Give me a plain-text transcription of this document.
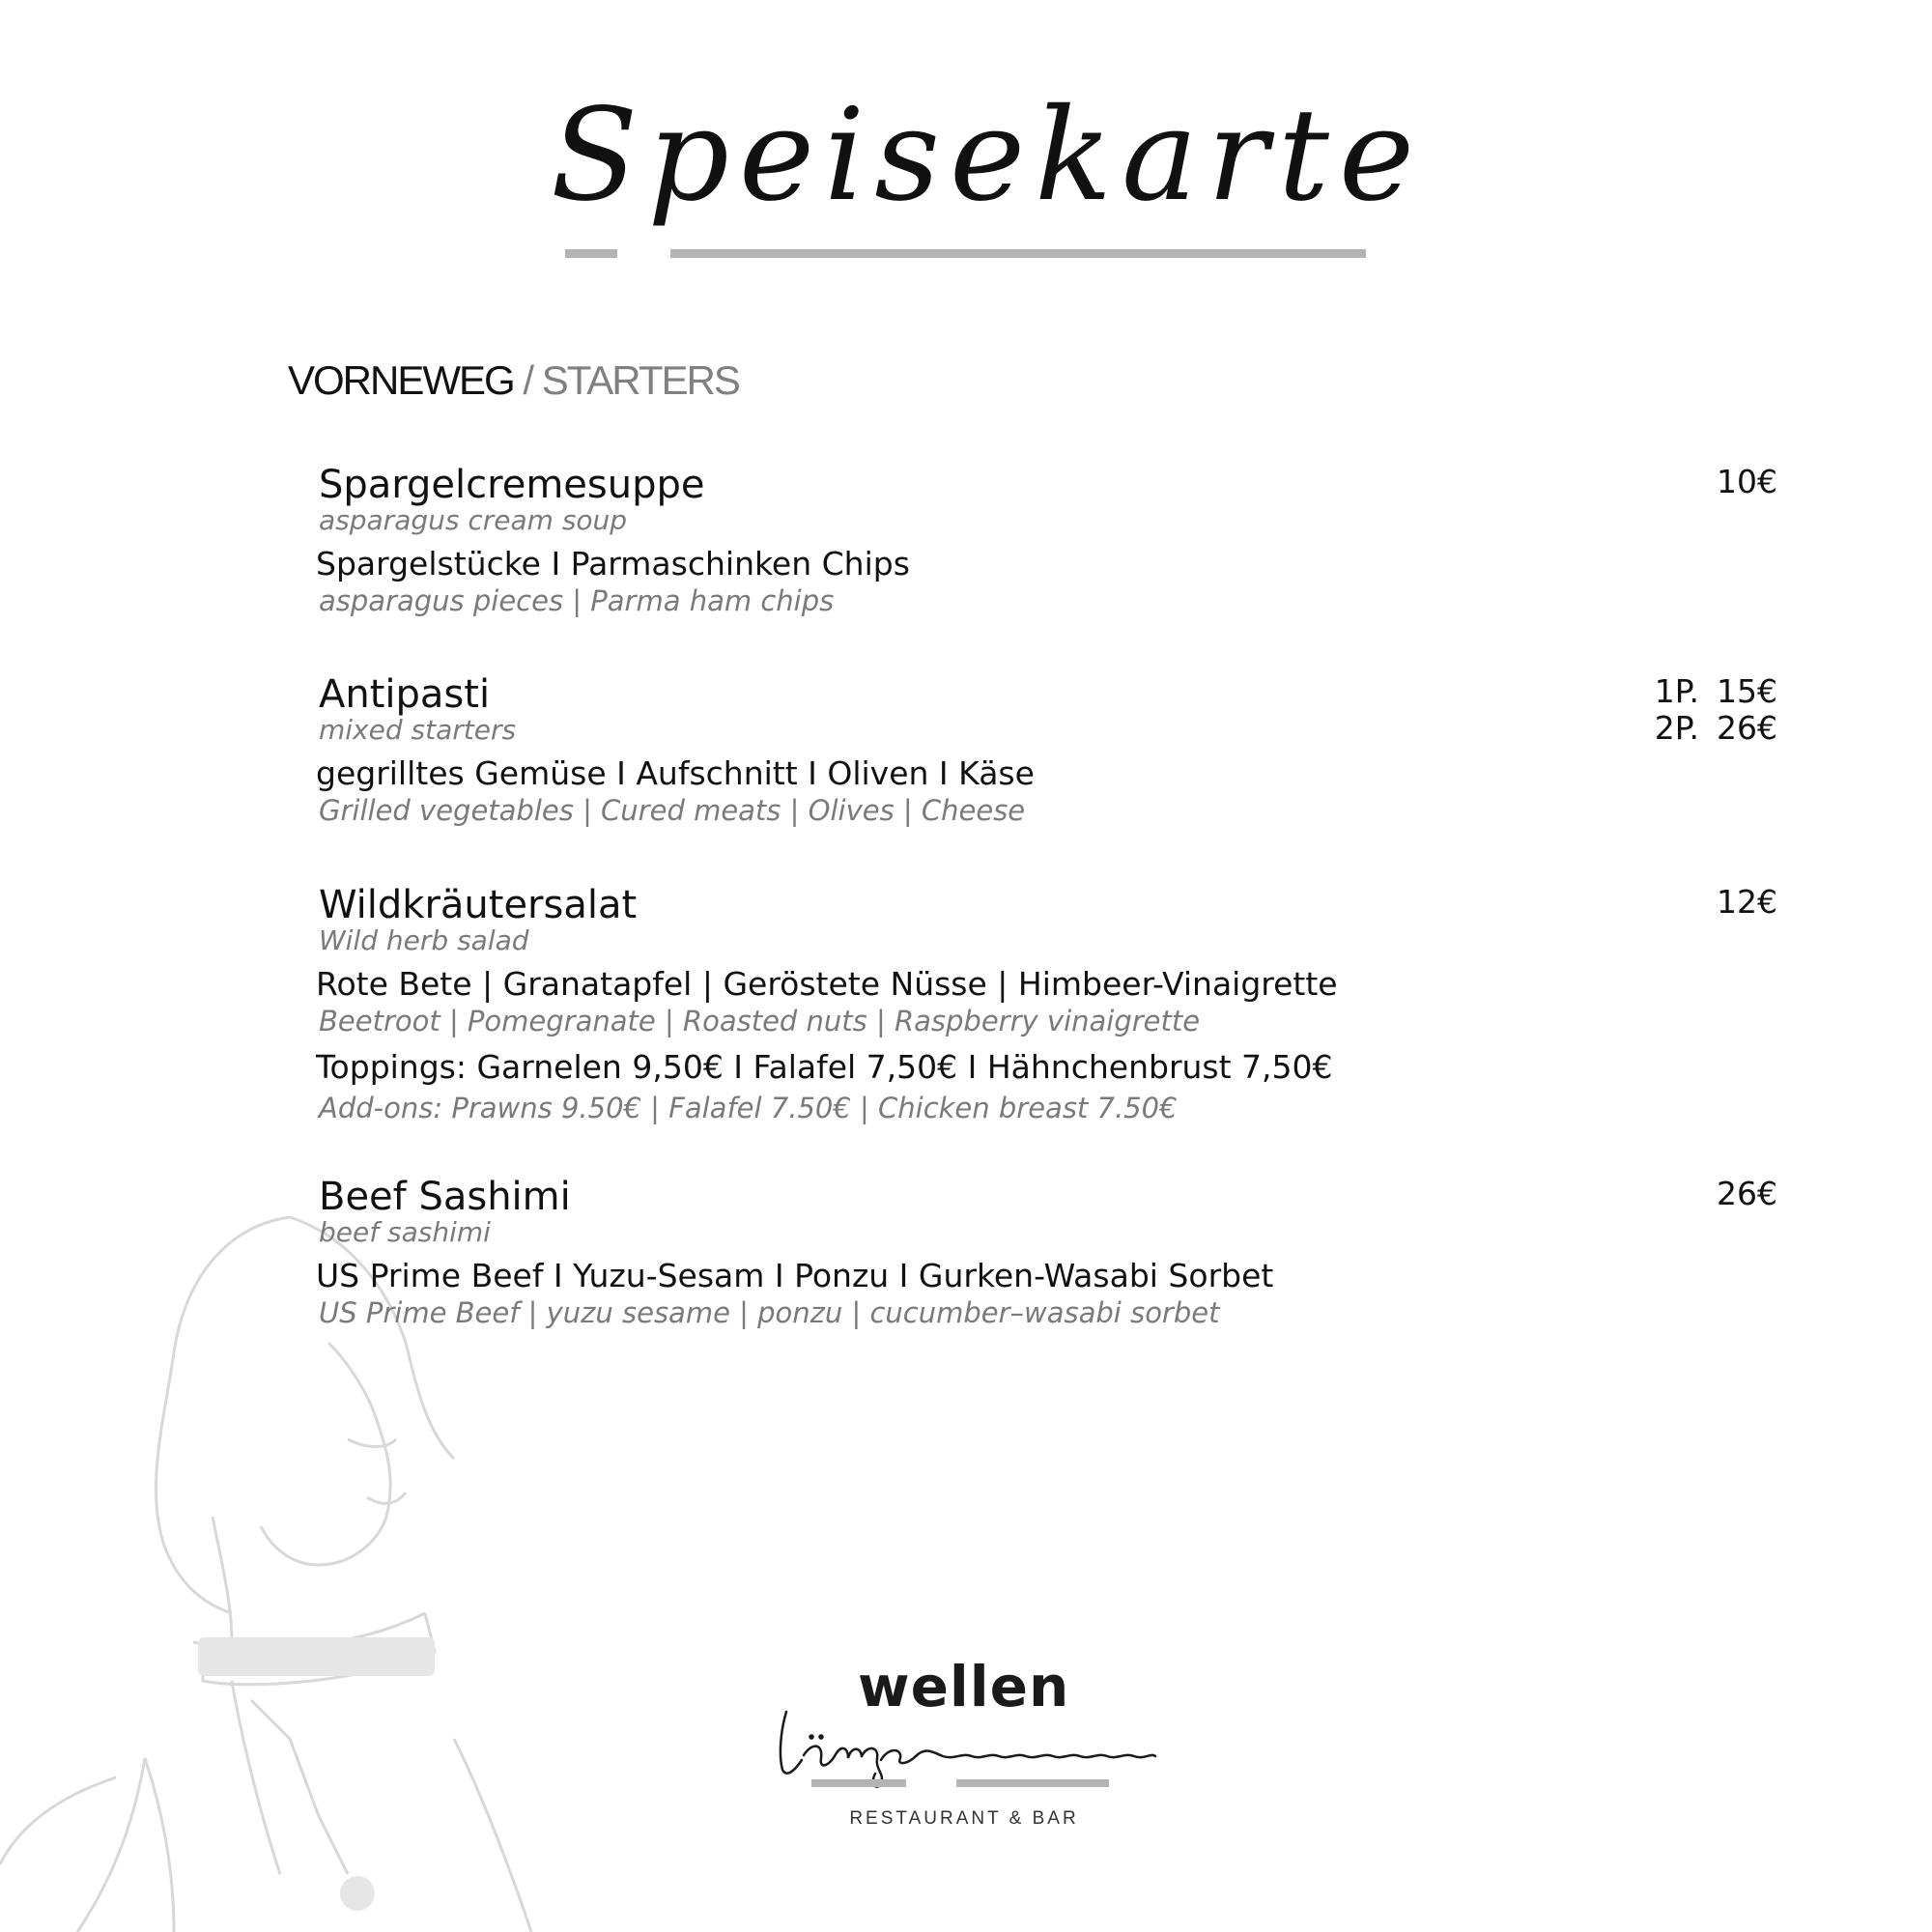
Speisekarte
VORNEWEG / STARTERS
Spargelcremesuppe
asparagus cream soup
Spargelstücke I Parmaschinken Chips
asparagus pieces | Parma ham chips
10€
Antipasti
mixed starters
gegrilltes Gemüse I Aufschnitt I Oliven I Käse
Grilled vegetables | Cured meats | Olives | Cheese
1P. 15€
2P. 26€
Wildkräutersalat
Wild herb salad
Rote Bete | Granatapfel | Geröstete Nüsse | Himbeer-Vinaigrette
Beetroot | Pomegranate | Roasted nuts | Raspberry vinaigrette
Toppings: Garnelen 9,50€ I Falafel 7,50€ I Hähnchenbrust 7,50€
Add-ons: Prawns 9.50€ | Falafel 7.50€ | Chicken breast 7.50€
12€
Beef Sashimi
beef sashimi
US Prime Beef I Yuzu-Sesam I Ponzu I Gurken-Wasabi Sorbet
US Prime Beef | yuzu sesame | ponzu | cucumber–wasabi sorbet
26€
wellen
RESTAURANT & BAR
